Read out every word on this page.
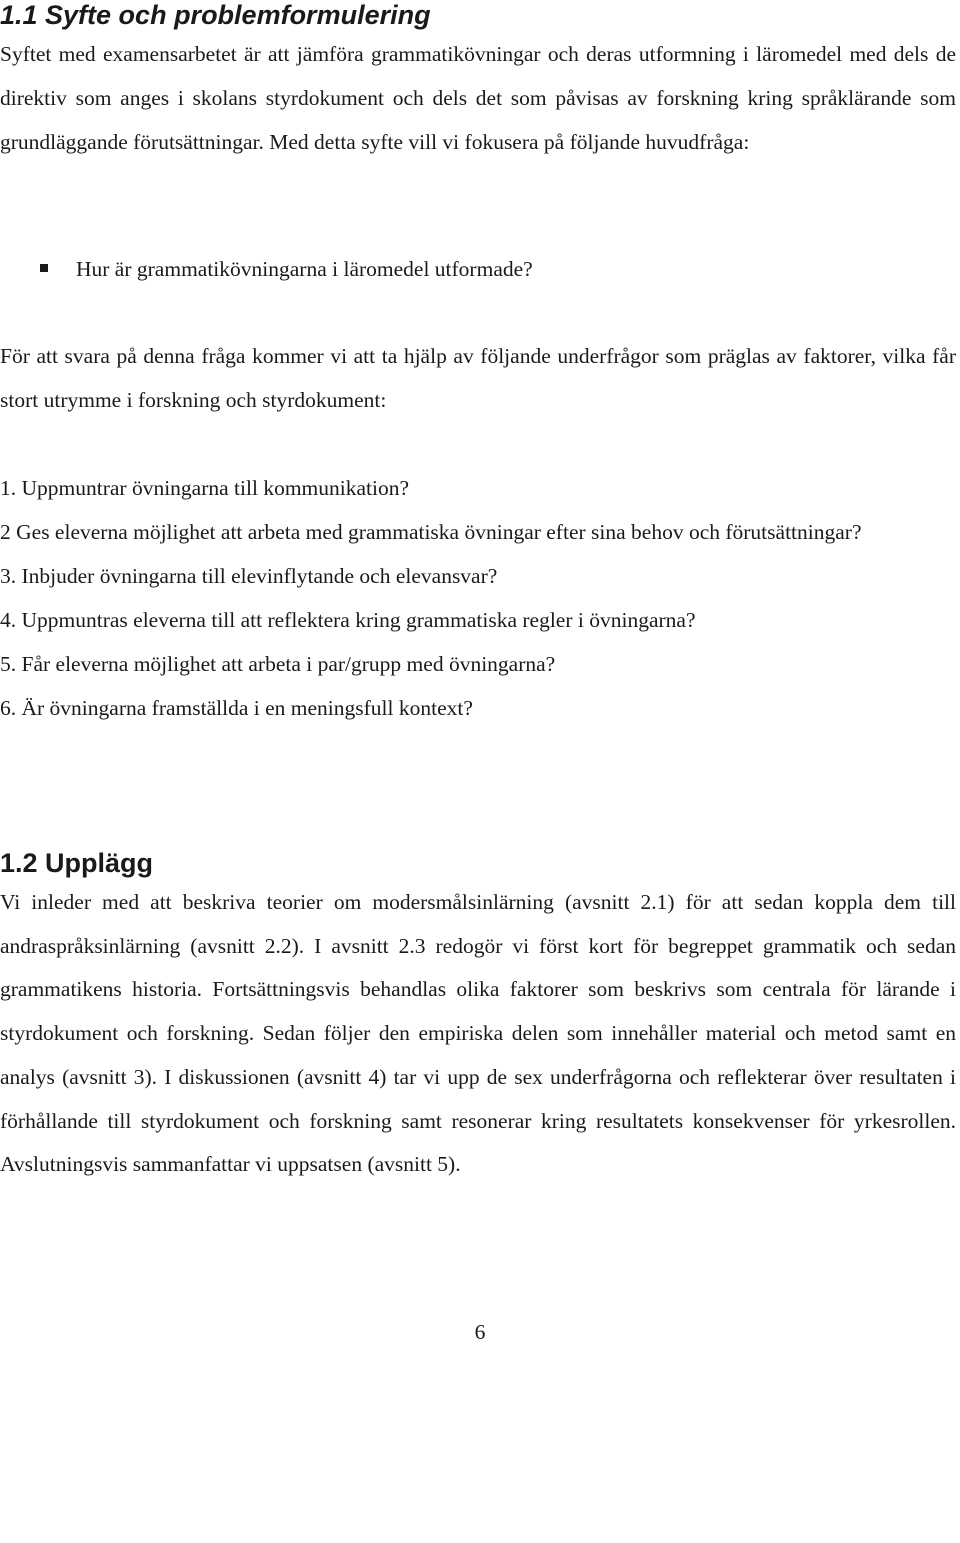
1.1 Syfte och problemformulering

Syftet med examensarbetet är att jämföra grammatikövningar och deras utformning i läromedel med dels de direktiv som anges i skolans styrdokument och dels det som påvisas av forskning kring språklärande som grundläggande förutsättningar. Med detta syfte vill vi fokusera på följande huvudfråga:

Hur är grammatikövningarna i läromedel utformade?

För att svara på denna fråga kommer vi att ta hjälp av följande underfrågor som präglas av faktorer, vilka får stort utrymme i forskning och styrdokument:

1. Uppmuntrar övningarna till kommunikation?
2 Ges eleverna möjlighet att arbeta med grammatiska övningar efter sina behov och förutsättningar?
3. Inbjuder övningarna till elevinflytande och elevansvar?
4. Uppmuntras eleverna till att reflektera kring grammatiska regler i övningarna?
5. Får eleverna möjlighet att arbeta i par/grupp med övningarna?
6. Är övningarna framställda i en meningsfull kontext?
1.2 Upplägg

Vi inleder med att beskriva teorier om modersmålsinlärning (avsnitt 2.1) för att sedan koppla dem till andraspråksinlärning (avsnitt 2.2). I avsnitt 2.3 redogör vi först kort för begreppet grammatik och sedan grammatikens historia. Fortsättningsvis behandlas olika faktorer som beskrivs som centrala för lärande i styrdokument och forskning. Sedan följer den empiriska delen som innehåller material och metod samt en analys (avsnitt 3). I diskussionen (avsnitt 4) tar vi upp de sex underfrågorna och reflekterar över resultaten i förhållande till styrdokument och forskning samt resonerar kring resultatets konsekvenser för yrkesrollen. Avslutningsvis sammanfattar vi uppsatsen (avsnitt 5).

6
